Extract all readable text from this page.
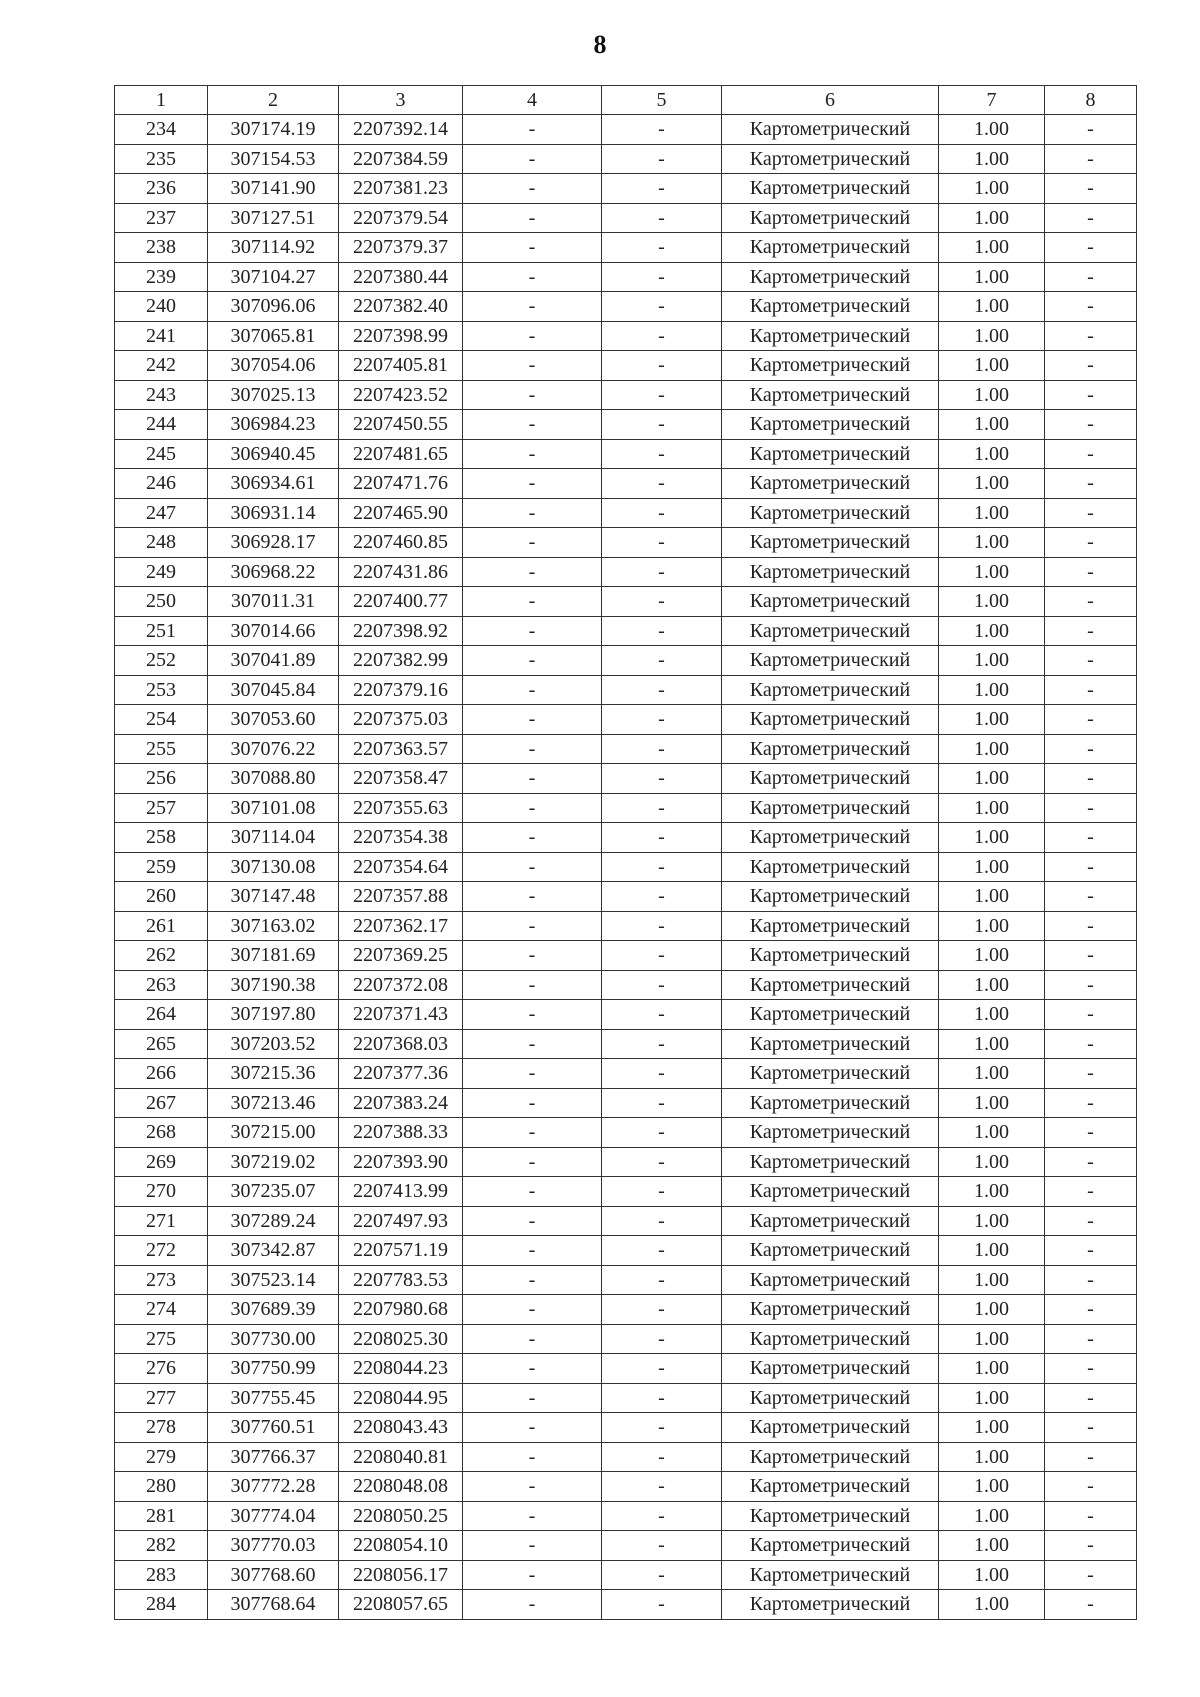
8
1	2	3	4	5	6	7	8
234	307174.19	2207392.14	-	-	Картометрический	1.00	-
235	307154.53	2207384.59	-	-	Картометрический	1.00	-
236	307141.90	2207381.23	-	-	Картометрический	1.00	-
237	307127.51	2207379.54	-	-	Картометрический	1.00	-
238	307114.92	2207379.37	-	-	Картометрический	1.00	-
239	307104.27	2207380.44	-	-	Картометрический	1.00	-
240	307096.06	2207382.40	-	-	Картометрический	1.00	-
241	307065.81	2207398.99	-	-	Картометрический	1.00	-
242	307054.06	2207405.81	-	-	Картометрический	1.00	-
243	307025.13	2207423.52	-	-	Картометрический	1.00	-
244	306984.23	2207450.55	-	-	Картометрический	1.00	-
245	306940.45	2207481.65	-	-	Картометрический	1.00	-
246	306934.61	2207471.76	-	-	Картометрический	1.00	-
247	306931.14	2207465.90	-	-	Картометрический	1.00	-
248	306928.17	2207460.85	-	-	Картометрический	1.00	-
249	306968.22	2207431.86	-	-	Картометрический	1.00	-
250	307011.31	2207400.77	-	-	Картометрический	1.00	-
251	307014.66	2207398.92	-	-	Картометрический	1.00	-
252	307041.89	2207382.99	-	-	Картометрический	1.00	-
253	307045.84	2207379.16	-	-	Картометрический	1.00	-
254	307053.60	2207375.03	-	-	Картометрический	1.00	-
255	307076.22	2207363.57	-	-	Картометрический	1.00	-
256	307088.80	2207358.47	-	-	Картометрический	1.00	-
257	307101.08	2207355.63	-	-	Картометрический	1.00	-
258	307114.04	2207354.38	-	-	Картометрический	1.00	-
259	307130.08	2207354.64	-	-	Картометрический	1.00	-
260	307147.48	2207357.88	-	-	Картометрический	1.00	-
261	307163.02	2207362.17	-	-	Картометрический	1.00	-
262	307181.69	2207369.25	-	-	Картометрический	1.00	-
263	307190.38	2207372.08	-	-	Картометрический	1.00	-
264	307197.80	2207371.43	-	-	Картометрический	1.00	-
265	307203.52	2207368.03	-	-	Картометрический	1.00	-
266	307215.36	2207377.36	-	-	Картометрический	1.00	-
267	307213.46	2207383.24	-	-	Картометрический	1.00	-
268	307215.00	2207388.33	-	-	Картометрический	1.00	-
269	307219.02	2207393.90	-	-	Картометрический	1.00	-
270	307235.07	2207413.99	-	-	Картометрический	1.00	-
271	307289.24	2207497.93	-	-	Картометрический	1.00	-
272	307342.87	2207571.19	-	-	Картометрический	1.00	-
273	307523.14	2207783.53	-	-	Картометрический	1.00	-
274	307689.39	2207980.68	-	-	Картометрический	1.00	-
275	307730.00	2208025.30	-	-	Картометрический	1.00	-
276	307750.99	2208044.23	-	-	Картометрический	1.00	-
277	307755.45	2208044.95	-	-	Картометрический	1.00	-
278	307760.51	2208043.43	-	-	Картометрический	1.00	-
279	307766.37	2208040.81	-	-	Картометрический	1.00	-
280	307772.28	2208048.08	-	-	Картометрический	1.00	-
281	307774.04	2208050.25	-	-	Картометрический	1.00	-
282	307770.03	2208054.10	-	-	Картометрический	1.00	-
283	307768.60	2208056.17	-	-	Картометрический	1.00	-
284	307768.64	2208057.65	-	-	Картометрический	1.00	-
